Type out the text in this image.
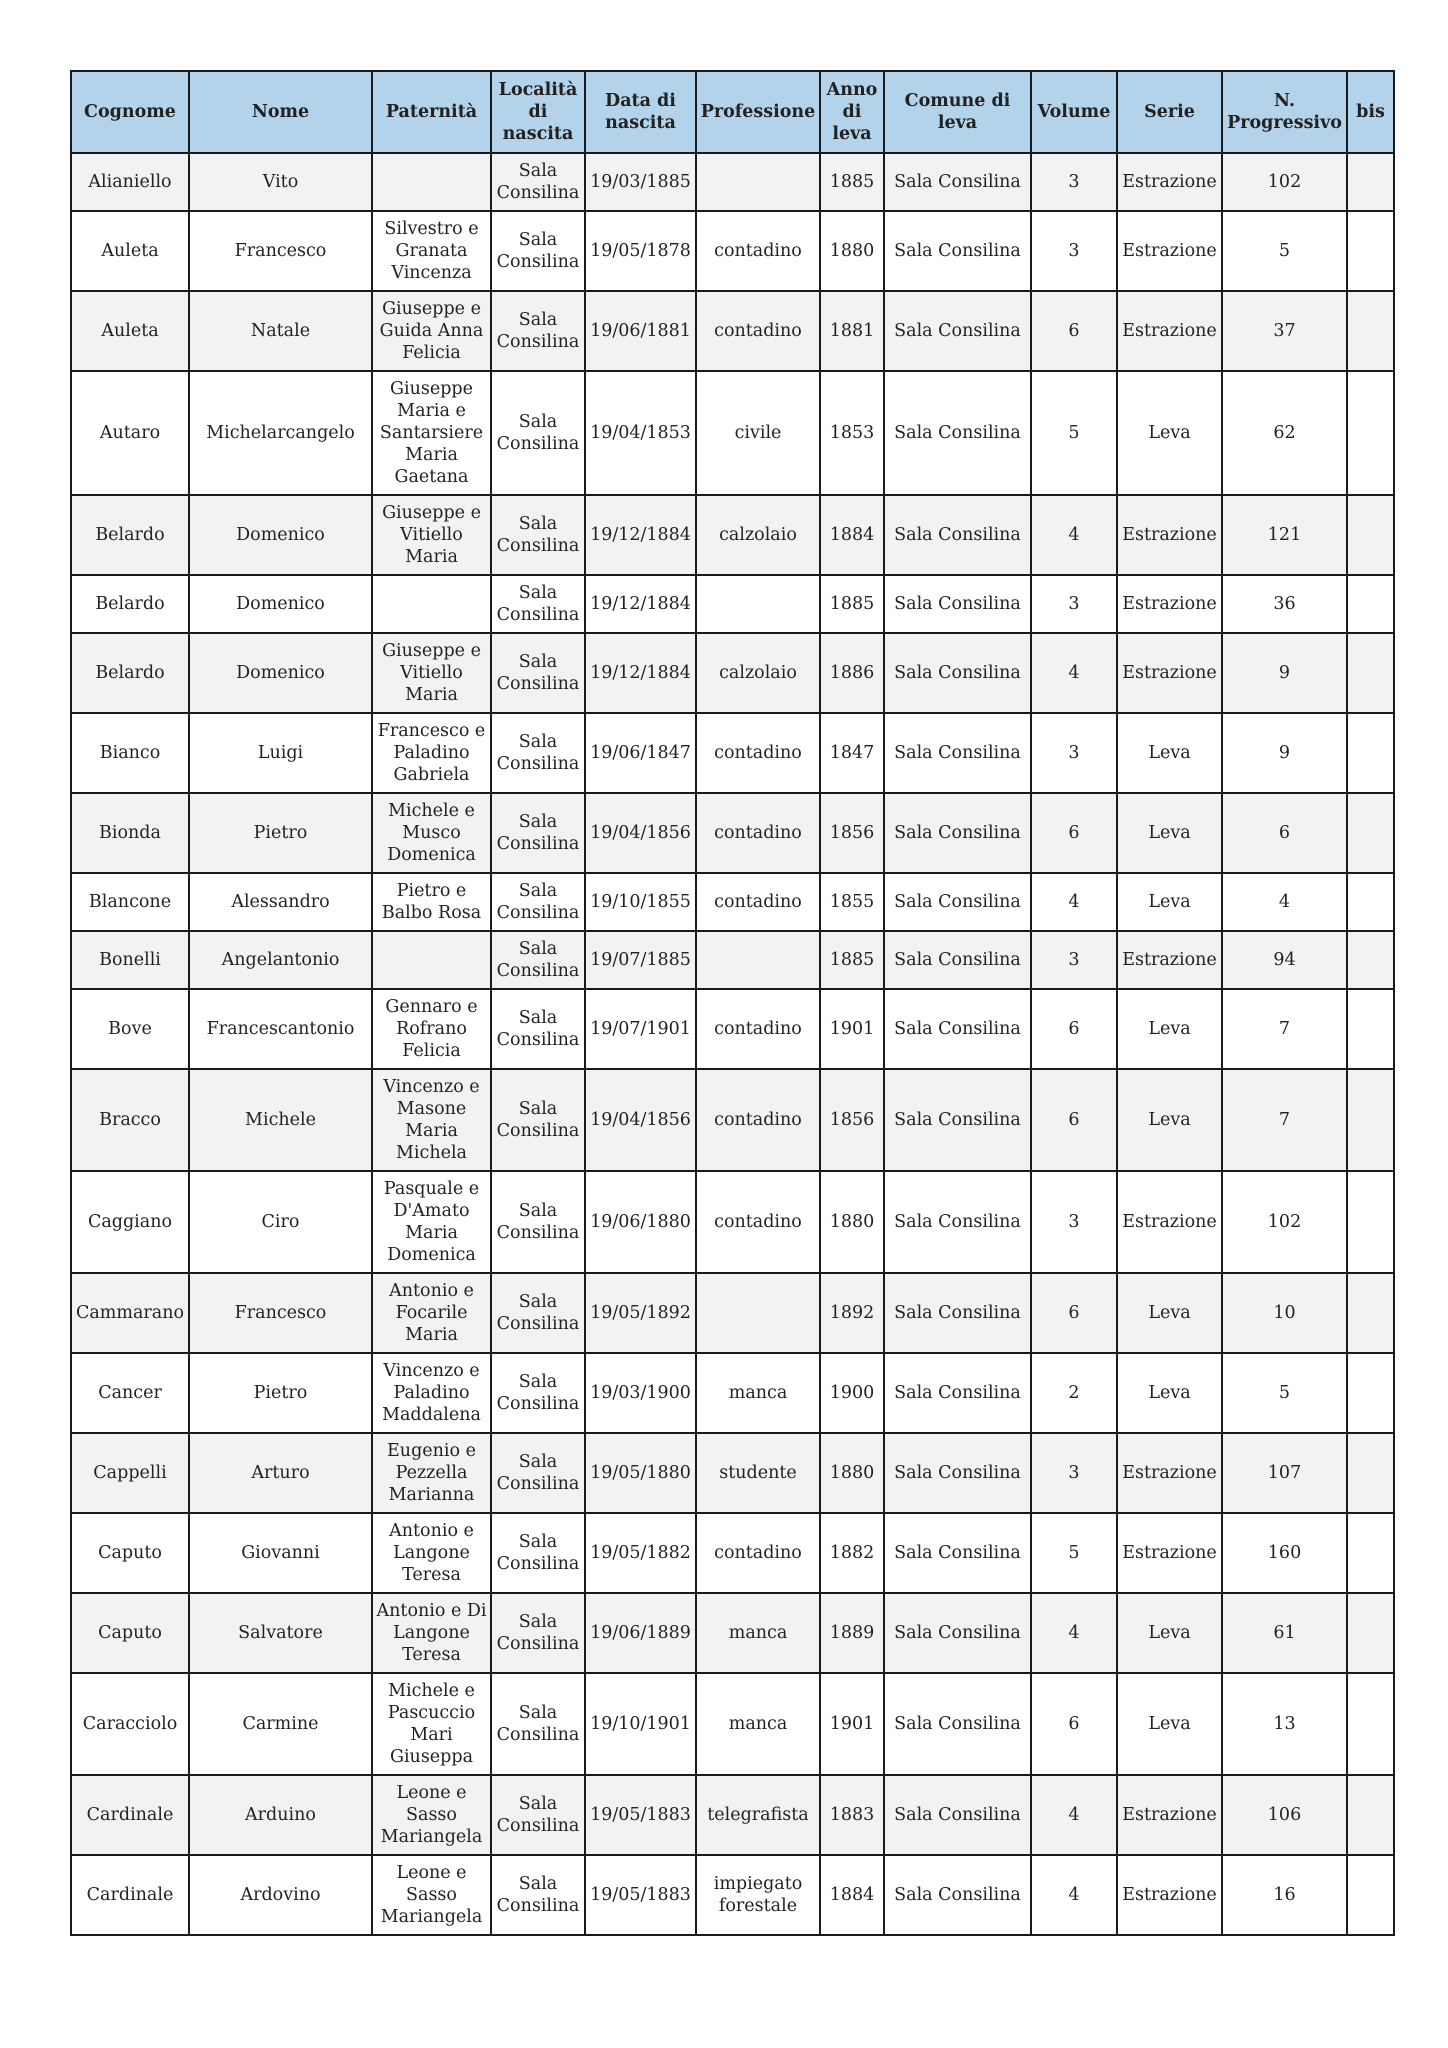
Cognome	Nome	Paternità	Località di nascita	Data di nascita	Professione	Anno di leva	Comune di leva	Volume	Serie	N. Progressivo	bis
Alianiello	Vito		Sala Consilina	19/03/1885		1885	Sala Consilina	3	Estrazione	102	
Auleta	Francesco	Silvestro e Granata Vincenza	Sala Consilina	19/05/1878	contadino	1880	Sala Consilina	3	Estrazione	5	
Auleta	Natale	Giuseppe e Guida Anna Felicia	Sala Consilina	19/06/1881	contadino	1881	Sala Consilina	6	Estrazione	37	
Autaro	Michelarcangelo	Giuseppe Maria e Santarsiere Maria Gaetana	Sala Consilina	19/04/1853	civile	1853	Sala Consilina	5	Leva	62	
Belardo	Domenico	Giuseppe e Vitiello Maria	Sala Consilina	19/12/1884	calzolaio	1884	Sala Consilina	4	Estrazione	121	
Belardo	Domenico		Sala Consilina	19/12/1884		1885	Sala Consilina	3	Estrazione	36	
Belardo	Domenico	Giuseppe e Vitiello Maria	Sala Consilina	19/12/1884	calzolaio	1886	Sala Consilina	4	Estrazione	9	
Bianco	Luigi	Francesco e Paladino Gabriela	Sala Consilina	19/06/1847	contadino	1847	Sala Consilina	3	Leva	9	
Bionda	Pietro	Michele e Musco Domenica	Sala Consilina	19/04/1856	contadino	1856	Sala Consilina	6	Leva	6	
Blancone	Alessandro	Pietro e Balbo Rosa	Sala Consilina	19/10/1855	contadino	1855	Sala Consilina	4	Leva	4	
Bonelli	Angelantonio		Sala Consilina	19/07/1885		1885	Sala Consilina	3	Estrazione	94	
Bove	Francescantonio	Gennaro e Rofrano Felicia	Sala Consilina	19/07/1901	contadino	1901	Sala Consilina	6	Leva	7	
Bracco	Michele	Vincenzo e Masone Maria Michela	Sala Consilina	19/04/1856	contadino	1856	Sala Consilina	6	Leva	7	
Caggiano	Ciro	Pasquale e D'Amato Maria Domenica	Sala Consilina	19/06/1880	contadino	1880	Sala Consilina	3	Estrazione	102	
Cammarano	Francesco	Antonio e Focarile Maria	Sala Consilina	19/05/1892		1892	Sala Consilina	6	Leva	10	
Cancer	Pietro	Vincenzo e Paladino Maddalena	Sala Consilina	19/03/1900	manca	1900	Sala Consilina	2	Leva	5	
Cappelli	Arturo	Eugenio e Pezzella Marianna	Sala Consilina	19/05/1880	studente	1880	Sala Consilina	3	Estrazione	107	
Caputo	Giovanni	Antonio e Langone Teresa	Sala Consilina	19/05/1882	contadino	1882	Sala Consilina	5	Estrazione	160	
Caputo	Salvatore	Antonio e Di Langone Teresa	Sala Consilina	19/06/1889	manca	1889	Sala Consilina	4	Leva	61	
Caracciolo	Carmine	Michele e Pascuccio Mari Giuseppa	Sala Consilina	19/10/1901	manca	1901	Sala Consilina	6	Leva	13	
Cardinale	Arduino	Leone e Sasso Mariangela	Sala Consilina	19/05/1883	telegrafista	1883	Sala Consilina	4	Estrazione	106	
Cardinale	Ardovino	Leone e Sasso Mariangela	Sala Consilina	19/05/1883	impiegato forestale	1884	Sala Consilina	4	Estrazione	16	
